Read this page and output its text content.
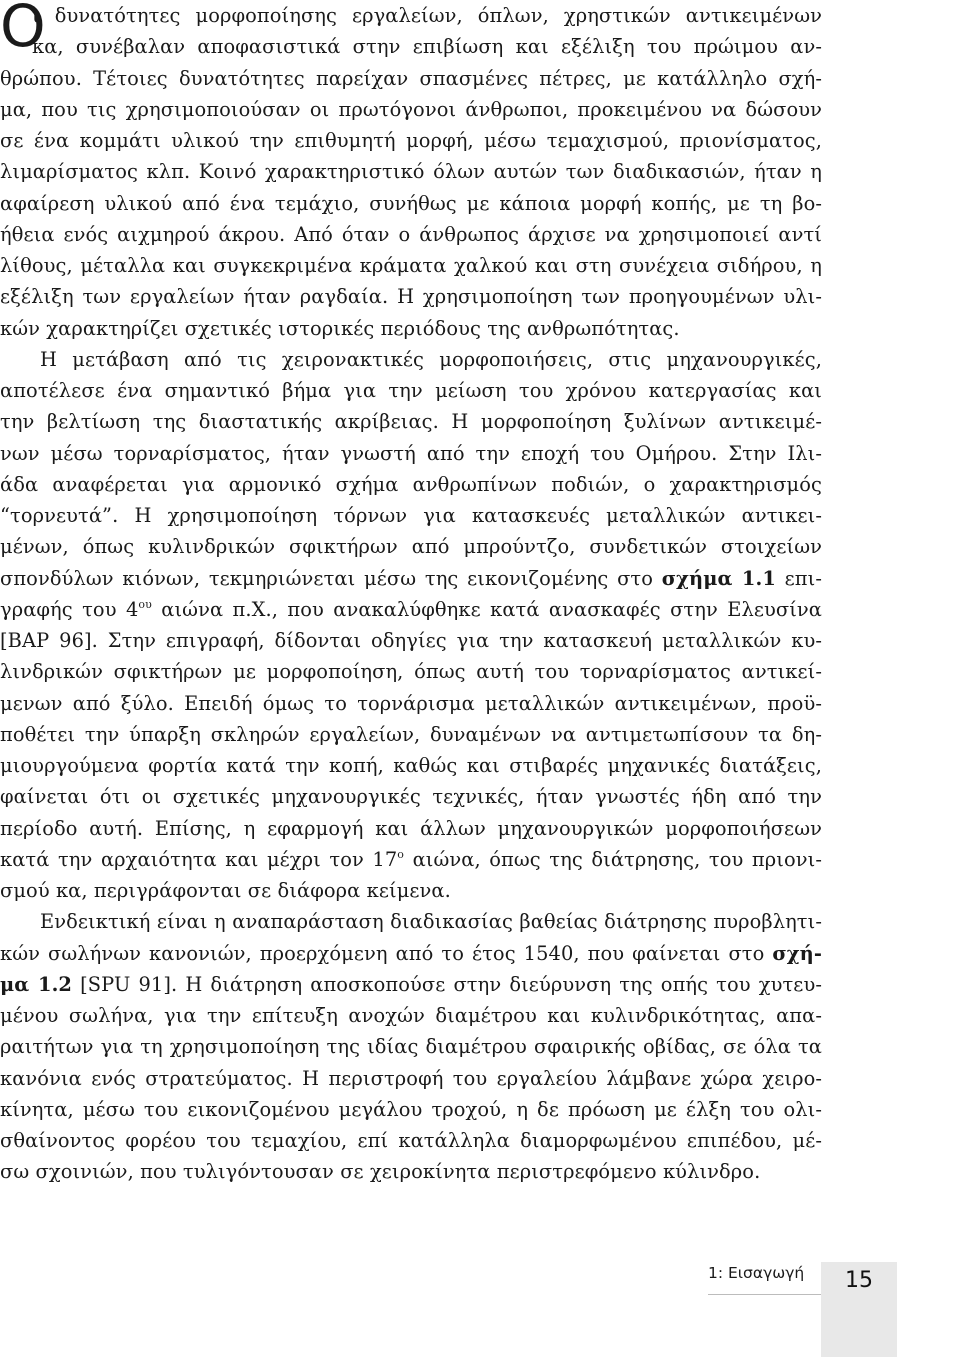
Ο
ι δυνατότητες μορφοποίησης εργαλείων, όπλων, χρηστικών αντικειμένων
κα, συνέβαλαν αποφασιστικά στην επιβίωση και εξέλιξη του πρώιμου αν-
θρώπου. Τέτοιες δυνατότητες παρείχαν σπασμένες πέτρες, με κατάλληλο σχή-
μα, που τις χρησιμοποιούσαν οι πρωτόγονοι άνθρωποι, προκειμένου να δώσουν
σε ένα κομμάτι υλικού την επιθυμητή μορφή, μέσω τεμαχισμού, πριονίσματος,
λιμαρίσματος κλπ. Κοινό χαρακτηριστικό όλων αυτών των διαδικασιών, ήταν η
αφαίρεση υλικού από ένα τεμάχιο, συνήθως με κάποια μορφή κοπής, με τη βο-
ήθεια ενός αιχμηρού άκρου. Από όταν ο άνθρωπος άρχισε να χρησιμοποιεί αντί
λίθους, μέταλλα και συγκεκριμένα κράματα χαλκού και στη συνέχεια σιδήρου, η
εξέλιξη των εργαλείων ήταν ραγδαία. Η χρησιμοποίηση των προηγουμένων υλι-
κών χαρακτηρίζει σχετικές ιστορικές περιόδους της ανθρωπότητας.
Η μετάβαση από τις χειρονακτικές μορφοποιήσεις, στις μηχανουργικές,
αποτέλεσε ένα σημαντικό βήμα για την μείωση του χρόνου κατεργασίας και
την βελτίωση της διαστατικής ακρίβειας. Η μορφοποίηση ξυλίνων αντικειμέ-
νων μέσω τορναρίσματος, ήταν γνωστή από την εποχή του Ομήρου. Στην Ιλι-
άδα αναφέρεται για αρμονικό σχήμα ανθρωπίνων ποδιών, ο χαρακτηρισμός
“τορνευτά”. Η χρησιμοποίηση τόρνων για κατασκευές μεταλλικών αντικει-
μένων, όπως κυλινδρικών σφικτήρων από μπρούντζο, συνδετικών στοιχείων
σπονδύλων κιόνων, τεκμηριώνεται μέσω της εικονιζομένης στο σχήμα 1.1 επι-
γραφής του $4^{o\upsilon}$ αιώνα π.Χ., που ανακαλύφθηκε κατά ανασκαφές στην Ελευσίνα
[ΒΑΡ 96]. Στην επιγραφή, δίδονται οδηγίες για την κατασκευή μεταλλικών κυ-
λινδρικών σφικτήρων με μορφοποίηση, όπως αυτή του τορναρίσματος αντικεί-
μενων από ξύλο. Επειδή όμως το τορνάρισμα μεταλλικών αντικειμένων, προϋ-
ποθέτει την ύπαρξη σκληρών εργαλείων, δυναμένων να αντιμετωπίσουν τα δη-
μιουργούμενα φορτία κατά την κοπή, καθώς και στιβαρές μηχανικές διατάξεις,
φαίνεται ότι οι σχετικές μηχανουργικές τεχνικές, ήταν γνωστές ήδη από την
περίοδο αυτή. Επίσης, η εφαρμογή και άλλων μηχανουργικών μορφοποιήσεων
κατά την αρχαιότητα και μέχρι τον $17^o$ αιώνα, όπως της διάτρησης, του πριονι-
σμού κα, περιγράφονται σε διάφορα κείμενα.
Ενδεικτική είναι η αναπαράσταση διαδικασίας βαθείας διάτρησης πυροβλητι-
κών σωλήνων κανονιών, προερχόμενη από το έτος 1540, που φαίνεται στο σχή-
μα 1.2 [SPU 91]. Η διάτρηση αποσκοπούσε στην διεύρυνση της οπής του χυτευ-
μένου σωλήνα, για την επίτευξη ανοχών διαμέτρου και κυλινδρικότητας, απα-
ραιτήτων για τη χρησιμοποίηση της ιδίας διαμέτρου σφαιρικής οβίδας, σε όλα τα
κανόνια ενός στρατεύματος. Η περιστροφή του εργαλείου λάμβανε χώρα χειρο-
κίνητα, μέσω του εικονιζομένου μεγάλου τροχού, η δε πρόωση με έλξη του ολι-
σθαίνοντος φορέου του τεμαχίου, επί κατάλληλα διαμορφωμένου επιπέδου, μέ-
σω σχοινιών, που τυλιγόντουσαν σε χειροκίνητα περιστρεφόμενο κύλινδρο.
15
1: Εισαγωγή
